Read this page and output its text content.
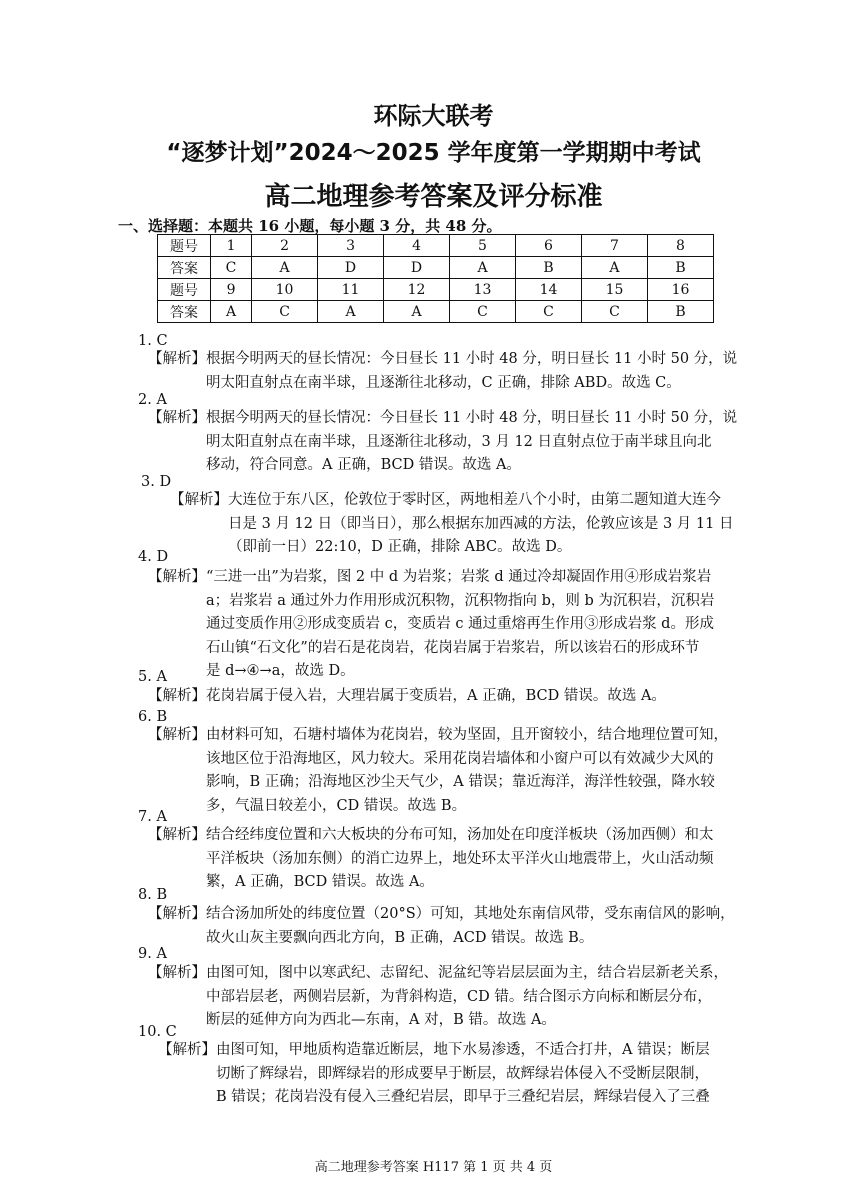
环际大联考
“逐梦计划”2024～2025 学年度第一学期期中考试
高二地理参考答案及评分标准
一、选择题：本题共 16 小题，每小题 3 分，共 48 分。
题号	1	2	3	4	5	6	7	8
答案	C	A	D	D	A	B	A	B
题号	9	10	11	12	13	14	15	16
答案	A	C	A	A	C	C	C	B
1. C
【解析】根据今明两天的昼长情况：今日昼长 11 小时 48 分，明日昼长 11 小时 50 分，说
明太阳直射点在南半球，且逐渐往北移动，C 正确，排除 ABD。故选 C。
2. A
【解析】根据今明两天的昼长情况：今日昼长 11 小时 48 分，明日昼长 11 小时 50 分，说
明太阳直射点在南半球，且逐渐往北移动，3 月 12 日直射点位于南半球且向北
移动，符合同意。A 正确，BCD 错误。故选 A。
3. D
【解析】大连位于东八区，伦敦位于零时区，两地相差八个小时，由第二题知道大连今
日是 3 月 12 日（即当日），那么根据东加西减的方法，伦敦应该是 3 月 11 日
（即前一日）22:10，D 正确，排除 ABC。故选 D。
4. D
【解析】“三进一出”为岩浆，图 2 中 d 为岩浆；岩浆 d 通过冷却凝固作用④形成岩浆岩
a；岩浆岩 a 通过外力作用形成沉积物，沉积物指向 b，则 b 为沉积岩，沉积岩
通过变质作用②形成变质岩 c，变质岩 c 通过重熔再生作用③形成岩浆 d。形成
石山镇“石文化”的岩石是花岗岩，花岗岩属于岩浆岩，所以该岩石的形成环节
是 d→④→a，故选 D。
5. A
【解析】花岗岩属于侵入岩，大理岩属于变质岩，A 正确，BCD 错误。故选 A。
6. B
【解析】由材料可知，石塘村墙体为花岗岩，较为坚固，且开窗较小，结合地理位置可知，
该地区位于沿海地区，风力较大。采用花岗岩墙体和小窗户可以有效减少大风的
影响，B 正确；沿海地区沙尘天气少，A 错误；靠近海洋，海洋性较强，降水较
多，气温日较差小，CD 错误。故选 B。
7. A
【解析】结合经纬度位置和六大板块的分布可知，汤加处在印度洋板块（汤加西侧）和太
平洋板块（汤加东侧）的消亡边界上，地处环太平洋火山地震带上，火山活动频
繁，A 正确，BCD 错误。故选 A。
8. B
【解析】结合汤加所处的纬度位置（20°S）可知，其地处东南信风带，受东南信风的影响，
故火山灰主要飘向西北方向，B 正确，ACD 错误。故选 B。
9. A
【解析】由图可知，图中以寒武纪、志留纪、泥盆纪等岩层层面为主，结合岩层新老关系，
中部岩层老，两侧岩层新，为背斜构造，CD 错。结合图示方向标和断层分布，
断层的延伸方向为西北—东南，A 对，B 错。故选 A。
10. C
【解析】由图可知，甲地质构造靠近断层，地下水易渗透，不适合打井，A 错误；断层
切断了辉绿岩，即辉绿岩的形成要早于断层，故辉绿岩体侵入不受断层限制，
B 错误；花岗岩没有侵入三叠纪岩层，即早于三叠纪岩层，辉绿岩侵入了三叠
高二地理参考答案 H117 第 1 页 共 4 页
